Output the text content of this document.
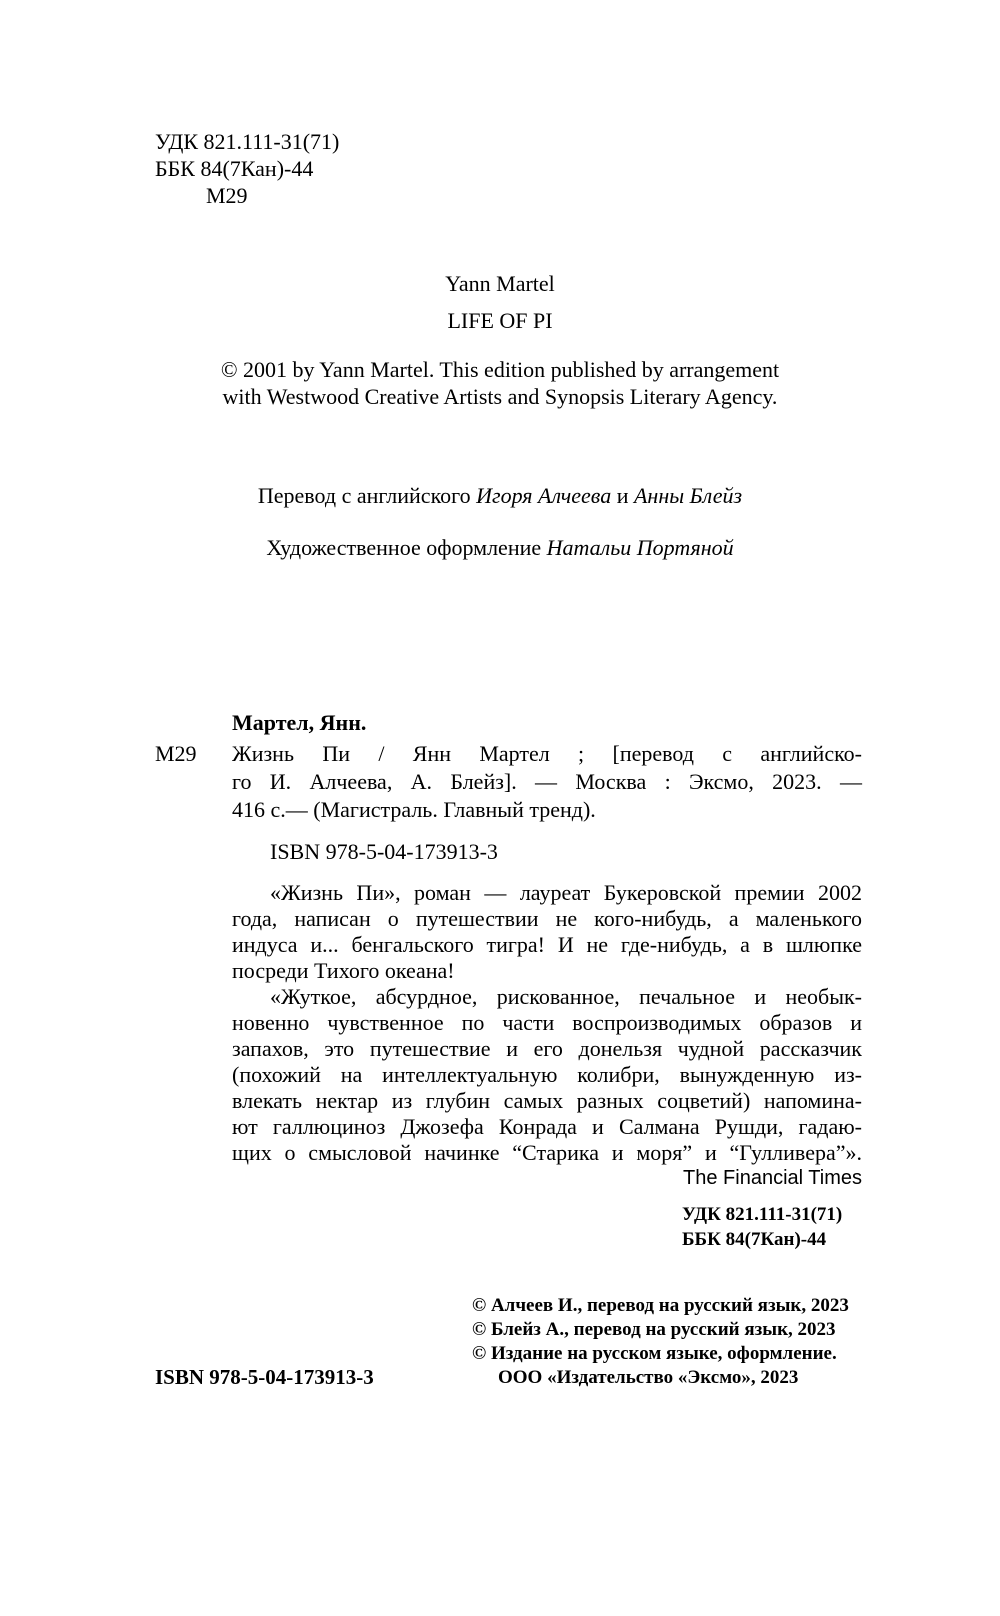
УДК 821.111-31(71)
ББК 84(7Кан)-44
М29
Yann Martel
LIFE OF PI
© 2001 by Yann Martel. This edition published by arrangement
with Westwood Creative Artists and Synopsis Literary Agency.
Перевод с английского Игоря Алчеева и Анны Блейз
Художественное оформление Натальи Портяной
Мартел, Янн.
М29 Жизнь Пи / Янн Мартел ; [перевод с английско-
го И. Алчеева, А. Блейз]. — Москва : Эксмо, 2023. —
416 с.— (Магистраль. Главный тренд).
ISBN 978-5-04-173913-3
«Жизнь Пи», роман — лауреат Букеровской премии 2002
года, написан о путешествии не кого-нибудь, а маленького
индуса и... бенгальского тигра! И не где-нибудь, а в шлюпке
посреди Тихого океана!
«Жуткое, абсурдное, рискованное, печальное и необык-
новенно чувственное по части воспроизводимых образов и
запахов, это путешествие и его донельзя чудной рассказчик
(похожий на интеллектуальную колибри, вынужденную из-
влекать нектар из глубин самых разных соцветий) напомина-
ют галлюциноз Джозефа Конрада и Салмана Рушди, гадаю-
щих о смысловой начинке “Старика и моря” и “Гулливера”».
The Financial Times
УДК 821.111-31(71)
ББК 84(7Кан)-44
© Алчеев И., перевод на русский язык, 2023
© Блейз А., перевод на русский язык, 2023
© Издание на русском языке, оформление.
ООО «Издательство «Эксмо», 2023
ISBN 978-5-04-173913-3
